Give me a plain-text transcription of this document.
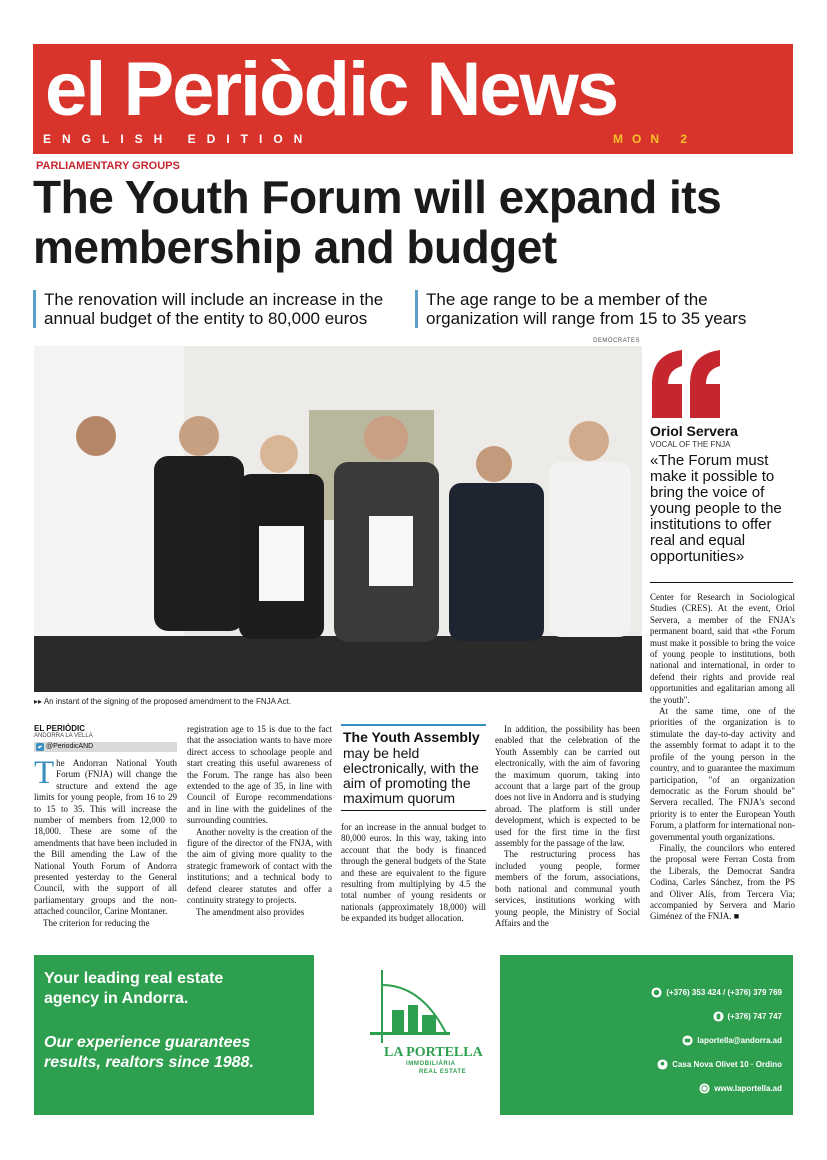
el Periòdic News
ENGLISH EDITION	MON 2
PARLIAMENTARY GROUPS
The Youth Forum will expand its membership and budget
The renovation will include an increase in the annual budget of the entity to 80,000 euros
The age range to be a member of the organization will range from 15 to 35 years
DEMÒCRATES
▸▸ An instant of the signing of the proposed amendment to the FNJA Act.
Oriol Servera
VOCAL OF THE FNJA
«The Forum must make it possible to bring the voice of young people to the institutions to offer real and equal opportunities»
EL PERIÒDIC
ANDORRA LA VELLA
@PeriodicAND

The Andorran National Youth Forum (FNJA) will change the structure and extend the age limits for young people, from 16 to 29 to 15 to 35. This will increase the number of members from 12,000 to 18,000. These are some of the amendments that have been included in the Bill amending the Law of the National Youth Forum of Andorra presented yesterday to the General Council, with the support of all parliamentary groups and the non-attached councilor, Carine Montaner.

The criterion for reducing the

registration age to 15 is due to the fact that the association wants to have more direct access to schoolage people and start creating this useful awareness of the Forum. The range has also been extended to the age of 35, in line with Council of Europe recommendations and in line with the guidelines of the surrounding countries.

Another novelty is the creation of the figure of the director of the FNJA, with the aim of giving more quality to the strategic framework of contact with the institutions; and a technical body to defend clearer statutes and offer a continuity strategy to projects.

The amendment also provides

The Youth Assembly
may be held electronically, with the aim of promoting the maximum quorum

for an increase in the annual budget to 80,000 euros. In this way, taking into account that the body is financed through the general budgets of the State and these are equivalent to the figure resulting from multiplying by 4.5 the total number of young residents or nationals (approximately 18,000) will be expanded its budget allocation.

In addition, the possibility has been enabled that the celebration of the Youth Assembly can be carried out electronically, with the aim of favoring the maximum quorum, taking into account that a large part of the group does not live in Andorra and is studying abroad. The platform is still under development, which is expected to be used for the first time in the first assembly for the passage of the law.

The restructuring process has included young people, former members of the forum, associations, both national and communal youth services, institutions working with young people, the Ministry of Social Affairs and the

Center for Research in Sociological Studies (CRES). At the event, Oriol Servera, a member of the FNJA's permanent board, said that «the Forum must make it possible to bring the voice of young people to institutions, both national and international, in order to defend their rights and provide real opportunities and egalitarian among all the youth".

At the same time, one of the priorities of the organization is to stimulate the day-to-day activity and the assembly format to adapt it to the profile of the young person in the country, and to guarantee the maximum participation, "of an organization democratic as the Forum should be" Servera recalled. The FNJA's second priority is to enter the European Youth Forum, a platform for international non-governmental youth organizations.

Finally, the councilors who entered the proposal were Ferran Costa from the Liberals, the Democrat Sandra Codina, Carles Sánchez, from the PS and Oliver Alís, from Tercera Via; accompanied by Servera and Mario Giménez of the FNJA. ■

Your leading real estate agency in Andorra.
Our experience guarantees results, realtors since 1988.
LA PORTELLA
IMMOBILIÀRIA
REAL ESTATE
(+376) 353 424 / (+376) 379 769
(+376) 747 747
laportella@andorra.ad
Casa Nova Olivet 10 · Ordino
www.laportella.ad
